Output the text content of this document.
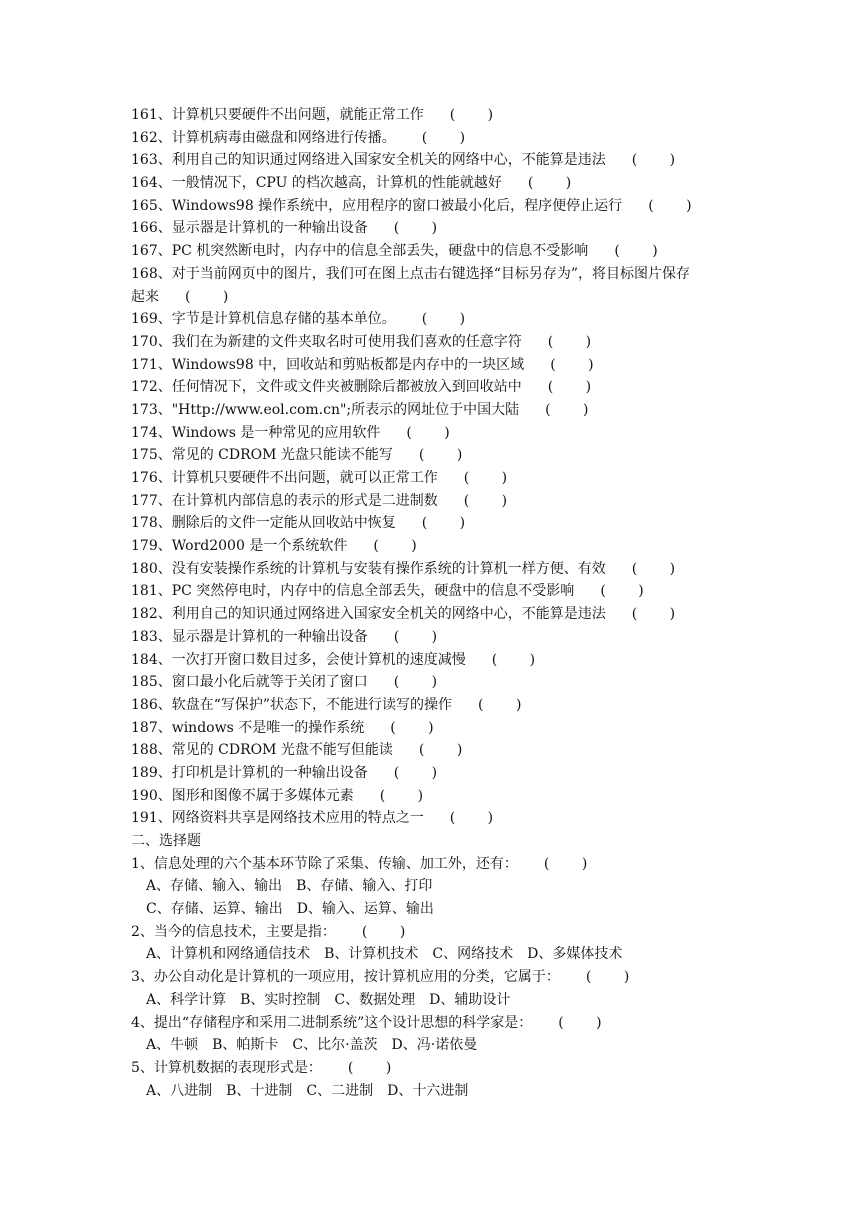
161、计算机只要硬件不出问题，就能正常工作 (　　 )
162、计算机病毒由磁盘和网络进行传播。 (　　 )
163、利用自己的知识通过网络进入国家安全机关的网络中心，不能算是违法 (　　 )
164、一般情况下，CPU 的档次越高，计算机的性能就越好 (　　 )
165、Windows98 操作系统中，应用程序的窗口被最小化后，程序便停止运行 (　　 )
166、显示器是计算机的一种输出设备 (　　 )
167、PC 机突然断电时，内存中的信息全部丢失，硬盘中的信息不受影响 (　　 )
168、对于当前网页中的图片，我们可在图上点击右键选择“目标另存为”，将目标图片保存
起来 (　　 )
169、字节是计算机信息存储的基本单位。 (　　 )
170、我们在为新建的文件夹取名时可使用我们喜欢的任意字符 (　　 )
171、Windows98 中，回收站和剪贴板都是内存中的一块区域 (　　 )
172、任何情况下，文件或文件夹被删除后都被放入到回收站中 (　　 )
173、"Http://www.eol.com.cn";所表示的网址位于中国大陆 (　　 )
174、Windows 是一种常见的应用软件 (　　 )
175、常见的 CDROM 光盘只能读不能写 (　　 )
176、计算机只要硬件不出问题，就可以正常工作 (　　 )
177、在计算机内部信息的表示的形式是二进制数 (　　 )
178、删除后的文件一定能从回收站中恢复 (　　 )
179、Word2000 是一个系统软件 (　　 )
180、没有安装操作系统的计算机与安装有操作系统的计算机一样方便、有效 (　　 )
181、PC 突然停电时，内存中的信息全部丢失，硬盘中的信息不受影响 (　　 )
182、利用自己的知识通过网络进入国家安全机关的网络中心，不能算是违法 (　　 )
183、显示器是计算机的一种输出设备 (　　 )
184、一次打开窗口数目过多，会使计算机的速度减慢 (　　 )
185、窗口最小化后就等于关闭了窗口 (　　 )
186、软盘在“写保护”状态下，不能进行读写的操作 (　　 )
187、windows 不是唯一的操作系统 (　　 )
188、常见的 CDROM 光盘不能写但能读 (　　 )
189、打印机是计算机的一种输出设备 (　　 )
190、图形和图像不属于多媒体元素 (　　 )
191、网络资料共享是网络技术应用的特点之一 (　　 )
二、选择题
1、信息处理的六个基本环节除了采集、传输、加工外，还有： (　　 )
A、存储、输入、输出　B、存储、输入、打印
C、存储、运算、输出　D、输入、运算、输出
2、当今的信息技术，主要是指： (　　 )
A、计算机和网络通信技术　B、计算机技术　C、网络技术　D、多媒体技术
3、办公自动化是计算机的一项应用，按计算机应用的分类，它属于： (　　 )
A、科学计算　B、实时控制　C、数据处理　D、辅助设计
4、提出“存储程序和采用二进制系统”这个设计思想的科学家是： (　　 )
A、牛顿　B、帕斯卡　C、比尔·盖茨　D、冯·诺依曼
5、计算机数据的表现形式是： (　　 )
A、八进制　B、十进制　C、二进制　D、十六进制
